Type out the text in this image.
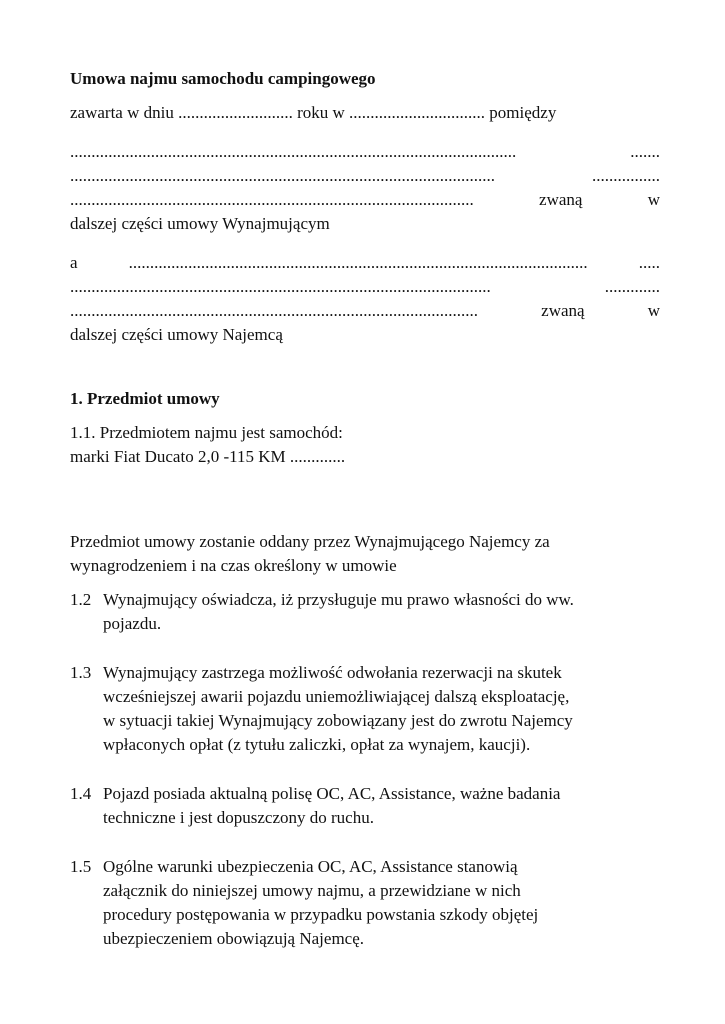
Umowa najmu samochodu campingowego

zawarta w dniu ........................... roku w ................................ pomiędzy

......................................................................................................... .......

.................................................................................................... ................

............................................................................................... zwaną w

dalszej części umowy Wynajmującym

a ............................................................................................................ .....

................................................................................................... .............

................................................................................................ zwaną w

dalszej części umowy Najemcą

1. Przedmiot umowy

1.1. Przedmiotem najmu jest samochód:

marki Fiat Ducato 2,0 -115 KM .............

Przedmiot umowy zostanie oddany przez Wynajmującego Najemcy za

wynagrodzeniem i na czas określony w umowie

1.2 Wynajmujący oświadcza, iż przysługuje mu prawo własności do ww.

pojazdu.

1.3 Wynajmujący zastrzega możliwość odwołania rezerwacji na skutek

wcześniejszej awarii pojazdu uniemożliwiającej dalszą eksploatację,

w sytuacji takiej Wynajmujący zobowiązany jest do zwrotu Najemcy

wpłaconych opłat (z tytułu zaliczki, opłat za wynajem, kaucji).

1.4 Pojazd posiada aktualną polisę OC, AC, Assistance, ważne badania

techniczne i jest dopuszczony do ruchu.

1.5 Ogólne warunki ubezpieczenia OC, AC, Assistance stanowią

załącznik do niniejszej umowy najmu, a przewidziane w nich

procedury postępowania w przypadku powstania szkody objętej

ubezpieczeniem obowiązują Najemcę.
